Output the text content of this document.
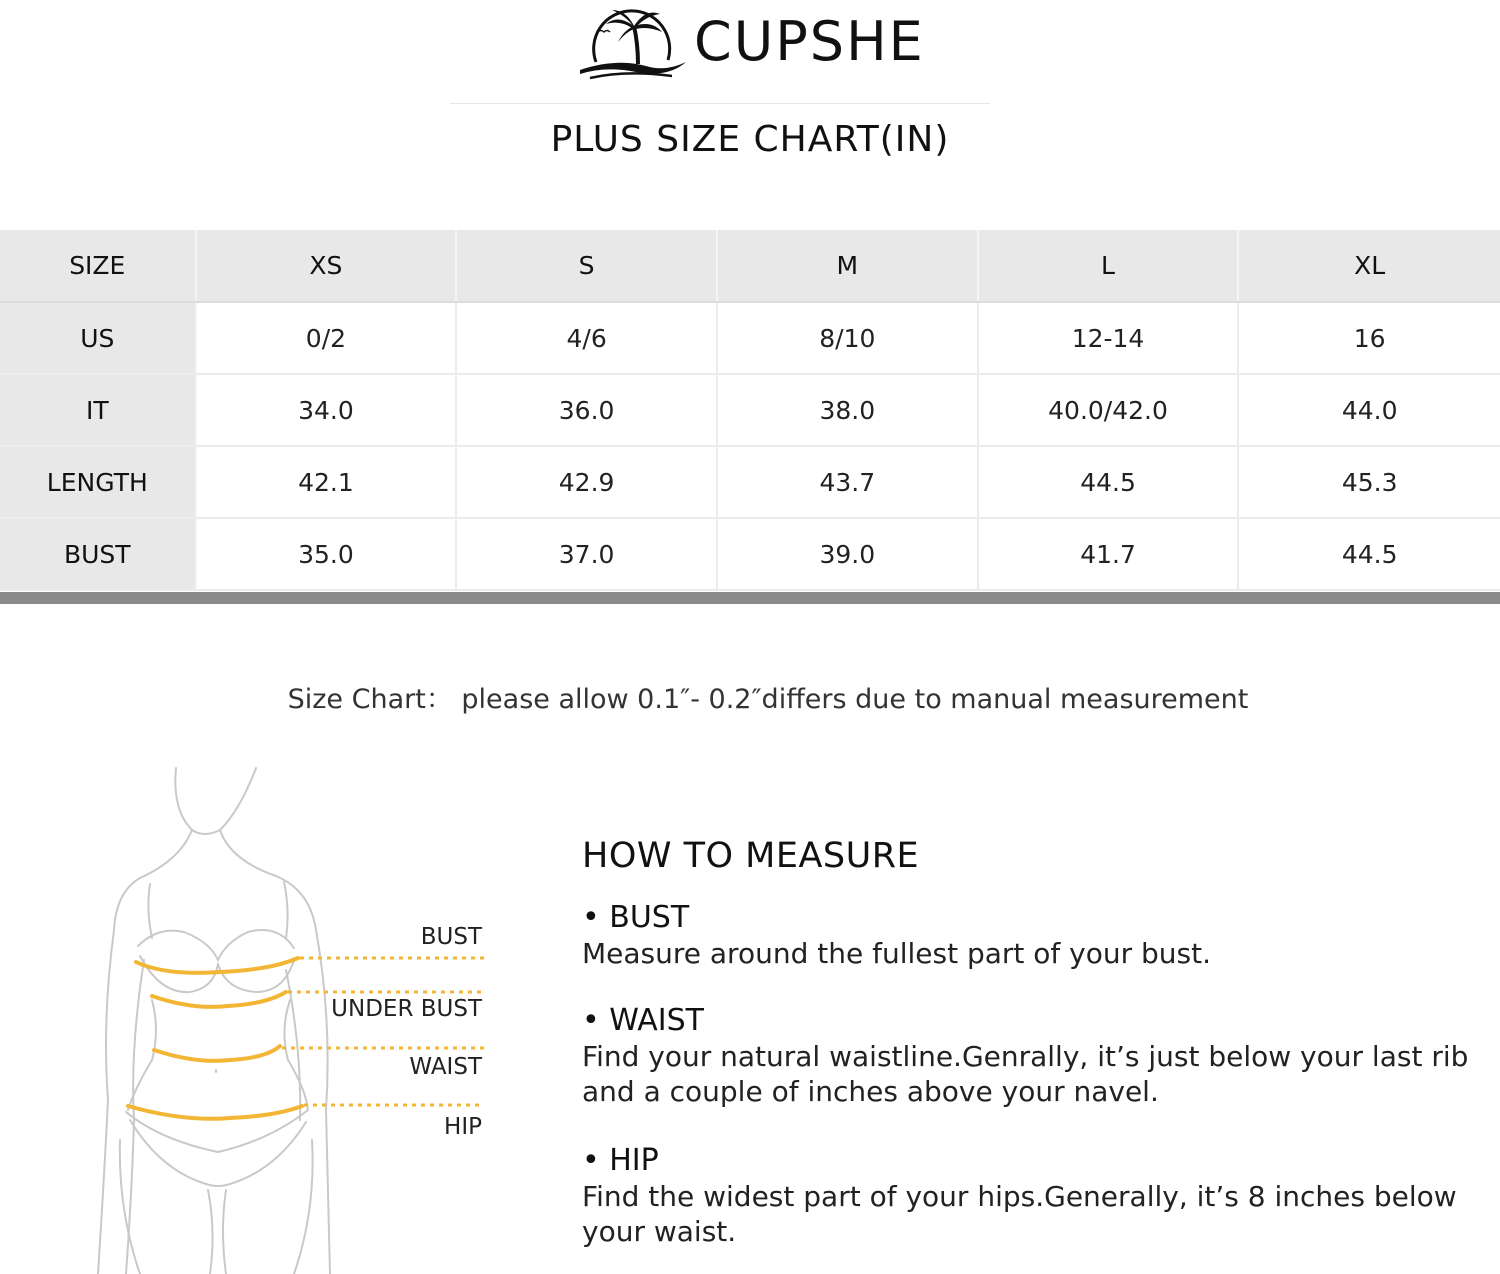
CUPSHE
PLUS SIZE CHART(IN)
SIZE	XS	S	M	L	XL
US	0/2	4/6	8/10	12-14	16
IT	34.0	36.0	38.0	40.0/42.0	44.0
LENGTH	42.1	42.9	43.7	44.5	45.3
BUST	35.0	37.0	39.0	41.7	44.5
Size Chart： please allow 0.1″- 0.2″differs due to manual measurement
BUST
UNDER BUST
WAIST
HIP
HOW TO MEASURE
• BUST
Measure around the fullest part of your bust.
• WAIST
Find your natural waistline.Genrally, it’s just below your last rib and a couple of inches above your navel.
• HIP
Find the widest part of your hips.Generally, it’s 8 inches below your waist.
